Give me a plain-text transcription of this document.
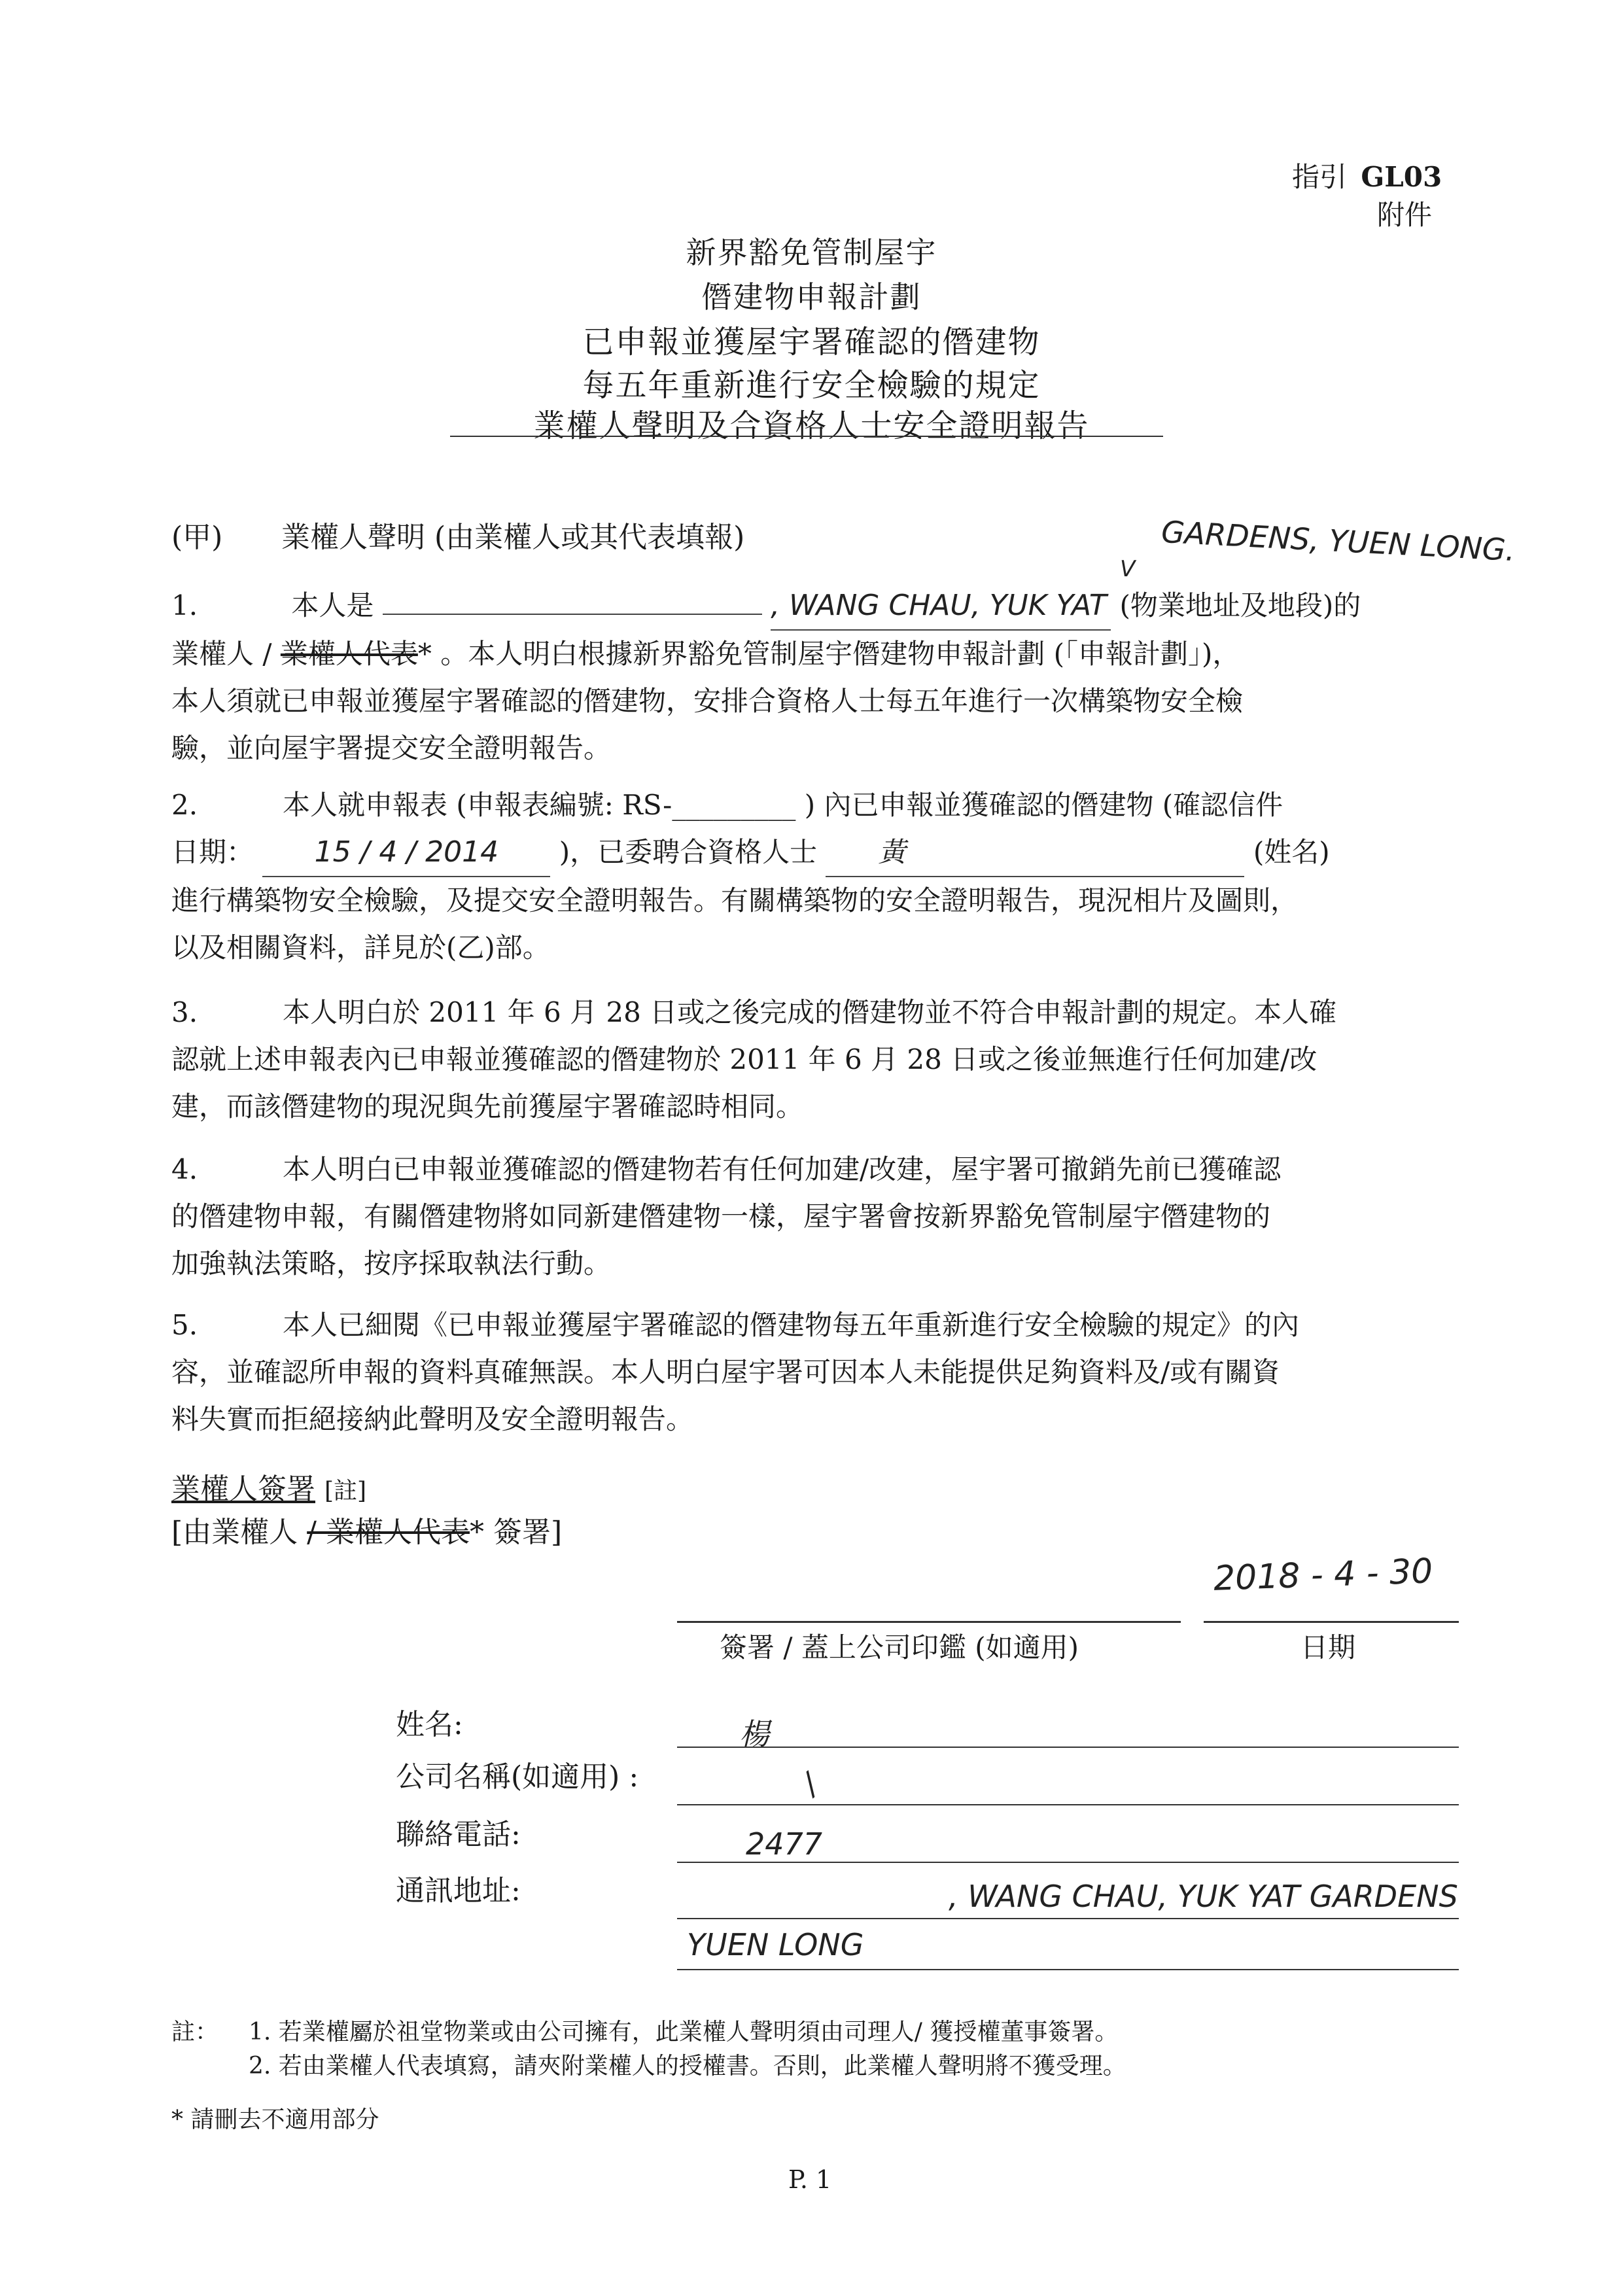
指引 GL03
附件
新界豁免管制屋宇
僭建物申報計劃
已申報並獲屋宇署確認的僭建物
每五年重新進行安全檢驗的規定
業權人聲明及合資格人士安全證明報告
(甲) 業權人聲明 (由業權人或其代表填報)	GARDENS, YUEN LONG.
V

1.	本人是	, WANG CHAU, YUK YAT (物業地址及地段)的

業權人 / 業權人代表* 。本人明白根據新界豁免管制屋宇僭建物申報計劃 (「申報計劃」)，

本人須就已申報並獲屋宇署確認的僭建物，安排合資格人士每五年進行一次構築物安全檢

驗，並向屋宇署提交安全證明報告。

2.	本人就申報表 (申報表編號: RS-_________ ) 內已申報並獲確認的僭建物 (確認信件

日期： 15 / 4 / 2014 )，已委聘合資格人士 黃	(姓名)

進行構築物安全檢驗，及提交安全證明報告。有關構築物的安全證明報告，現況相片及圖則，

以及相關資料，詳見於(乙)部。

3.	本人明白於 2011 年 6 月 28 日或之後完成的僭建物並不符合申報計劃的規定。本人確

認就上述申報表內已申報並獲確認的僭建物於 2011 年 6 月 28 日或之後並無進行任何加建/改

建，而該僭建物的現況與先前獲屋宇署確認時相同。

4.	本人明白已申報並獲確認的僭建物若有任何加建/改建，屋宇署可撤銷先前已獲確認

的僭建物申報，有關僭建物將如同新建僭建物一樣，屋宇署會按新界豁免管制屋宇僭建物的

加強執法策略，按序採取執法行動。

5.	本人已細閱《已申報並獲屋宇署確認的僭建物每五年重新進行安全檢驗的規定》的內

容，並確認所申報的資料真確無誤。本人明白屋宇署可因本人未能提供足夠資料及/或有關資

料失實而拒絕接納此聲明及安全證明報告。

業權人簽署 [註]
[由業權人 / 業權人代表* 簽署]
2018 - 4 - 30
簽署 / 蓋上公司印鑑 (如適用)	日期
姓名:	楊
公司名稱(如適用) :	/
聯絡電話:	2477
通訊地址:	, WANG CHAU, YUK YAT GARDENS
YUEN LONG
註： 1. 若業權屬於祖堂物業或由公司擁有，此業權人聲明須由司理人/ 獲授權董事簽署。
2. 若由業權人代表填寫，請夾附業權人的授權書。否則，此業權人聲明將不獲受理。
* 請刪去不適用部分
P. 1
